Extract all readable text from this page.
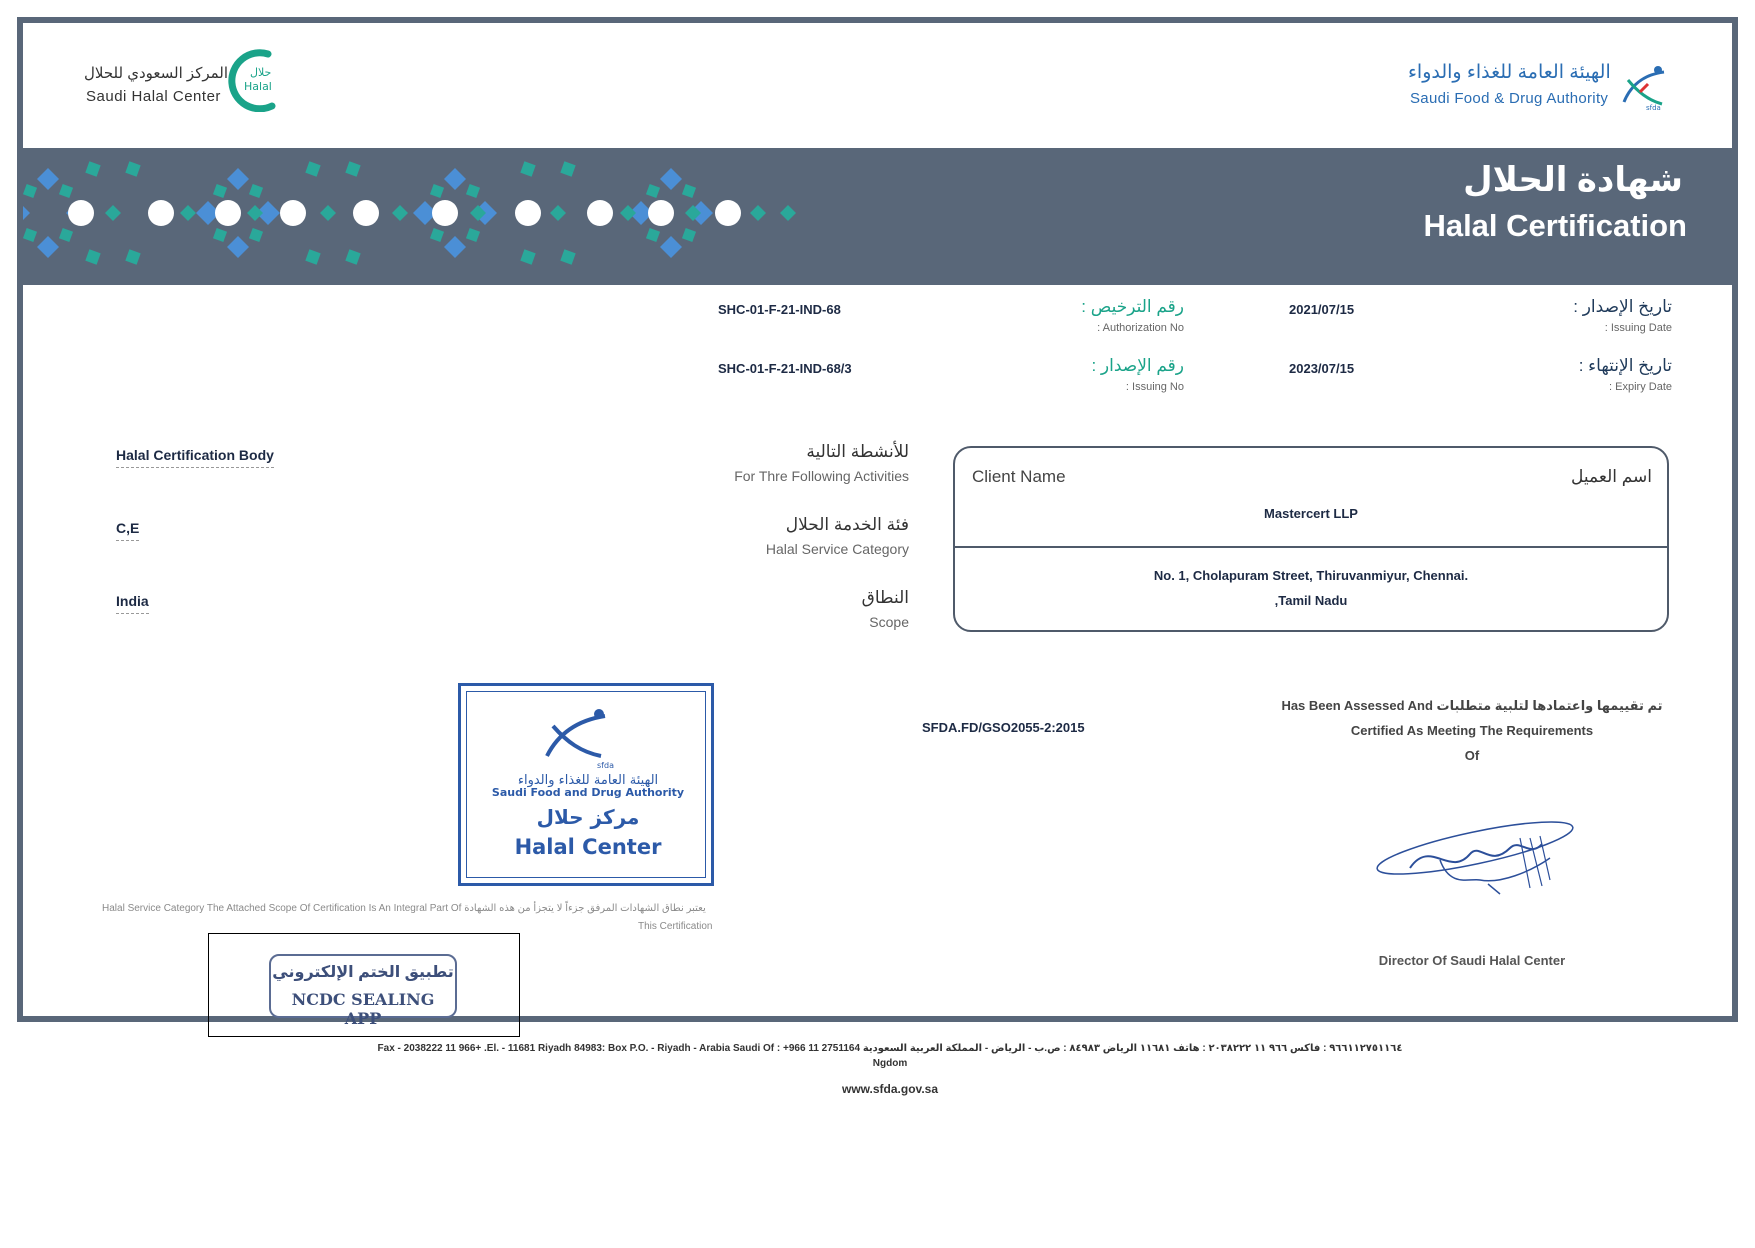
المركز السعودي للحلال
Saudi Halal Center
حلال
Halal
الهيئة العامة للغذاء والدواء
Saudi Food & Drug Authority
sfda
شهادة الحلال
Halal Certification
تاريخ الإصدار :
: Issuing Date
2021/07/15
تاريخ الإنتهاء :
: Expiry Date
2023/07/15
رقم الترخيص :
: Authorization No
SHC-01-F-21-IND-68
رقم الإصدار :
: Issuing No
SHC-01-F-21-IND-68/3
Halal Certification Body	للأنشطة التالية
For Thre Following Activities
C,E	فئة الخدمة الحلال
Halal Service Category
India	النطاق
Scope
Client Name	اسم العميل
Mastercert LLP
No. 1, Cholapuram Street, Thiruvanmiyur, Chennai.
,Tamil Nadu
sfda
الهيئة العامة للغذاء والدواء
Saudi Food and Drug Authority
مركز حلال
Halal Center
SFDA.FD/GSO2055-2:2015
Has Been Assessed And تم تقييمها واعتمادها لتلبية متطلبات
Certified As Meeting The Requirements
Of
Director Of Saudi Halal Center
Halal Service Category The Attached Scope Of Certification Is An Integral Part Of يعتبر نطاق الشهادات المرفق جزءاً لا يتجزأ من هذه الشهادة
This Certification
تطبيق الختم الإلكتروني
NCDC SEALING APP
Fax - 2038222 11 966+ .El. - 11681 Riyadh 84983: Box P.O. - Riyadh - Arabia Saudi Of : +966 11 2751164 ٩٦٦١١٢٧٥١١٦٤ : فاكس ٩٦٦ ١١ ٢٠٣٨٢٢٢ : هاتف ١١٦٨١ الرياض ٨٤٩٨٣ : ص.ب - الرياض - المملكة العربية السعودية
Ngdom
www.sfda.gov.sa
